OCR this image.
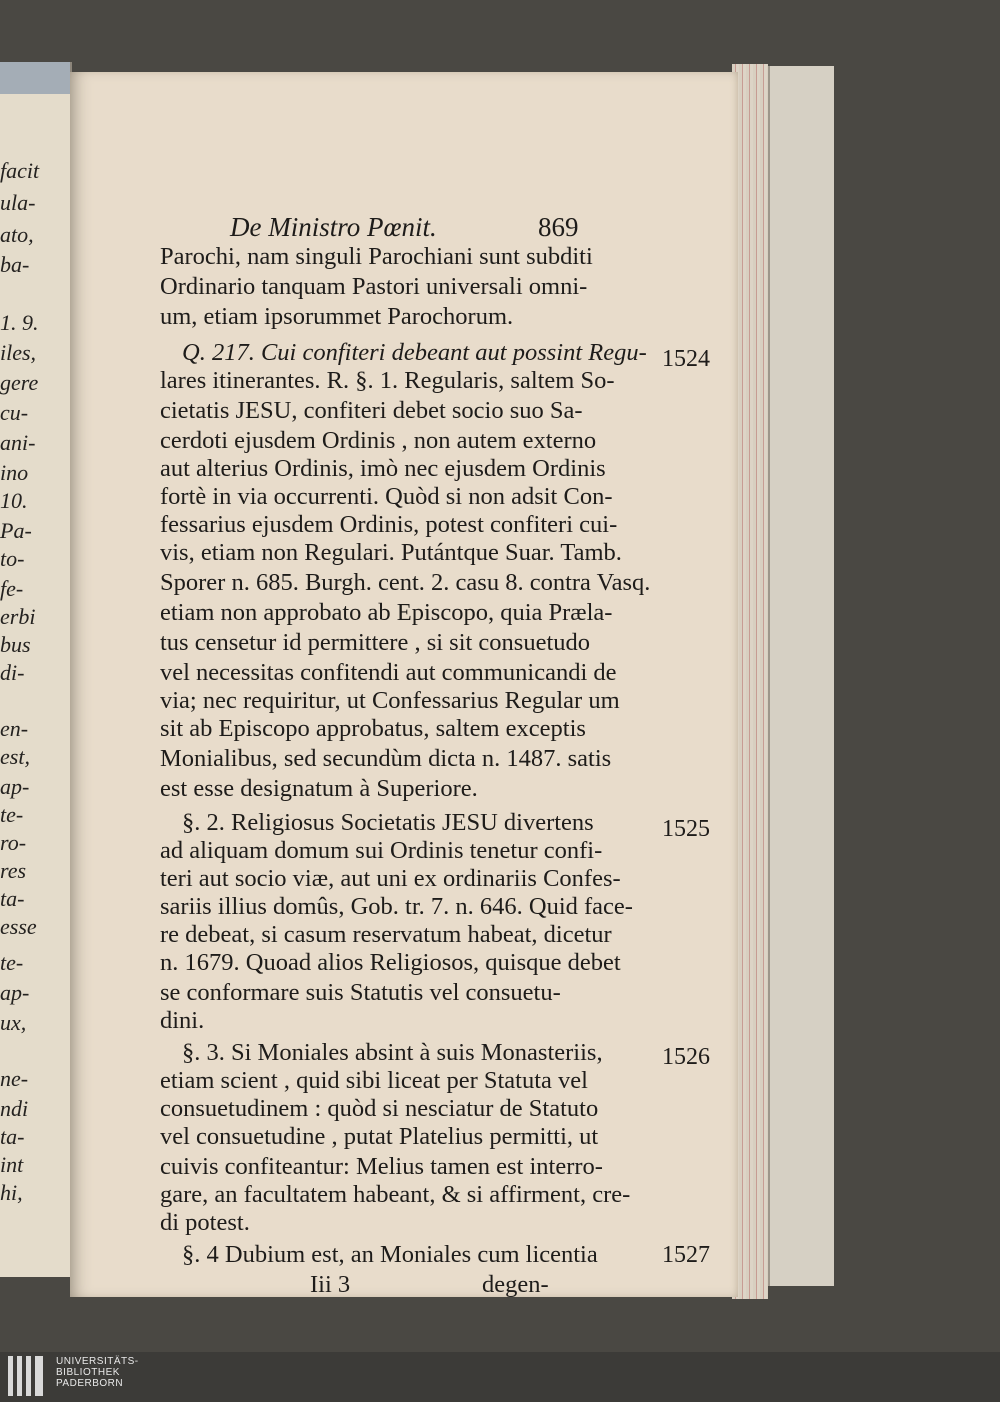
facit
ula-
ato,
ba-
1. 9.
iles,
gere
cu-
ani-
ino
10.
Pa-
to-
fe-
erbi
bus
di-
en-
est,
ap-
te-
ro-
res
ta-
esse
te-
ap-
ux,
ne-
ndi
ta-
int
hi,
De Ministro Pœnit.	869
Parochi, nam singuli Parochiani sunt subditi
Ordinario tanquam Pastori universali omni-
um, etiam ipsorummet Parochorum.
Q. 217. Cui confiteri debeant aut possint Regu-
lares itinerantes. R. §. 1. Regularis, saltem So-
cietatis JESU, confiteri debet socio suo Sa-
cerdoti ejusdem Ordinis , non autem externo
aut alterius Ordinis, imò nec ejusdem Ordinis
fortè in via occurrenti. Quòd si non adsit Con-
fessarius ejusdem Ordinis, potest confiteri cui-
vis, etiam non Regulari. Putántque Suar. Tamb.
Sporer n. 685. Burgh. cent. 2. casu 8. contra Vasq.
etiam non approbato ab Episcopo, quia Præla-
tus censetur id permittere , si sit consuetudo
vel necessitas confitendi aut communicandi de
via; nec requiritur, ut Confessarius Regular um
sit ab Episcopo approbatus, saltem exceptis
Monialibus, sed secundùm dicta n. 1487. satis
est esse designatum à Superiore.
§. 2. Religiosus Societatis JESU divertens
ad aliquam domum sui Ordinis tenetur confi-
teri aut socio viæ, aut uni ex ordinariis Confes-
sariis illius domûs, Gob. tr. 7. n. 646. Quid face-
re debeat, si casum reservatum habeat, dicetur
n. 1679. Quoad alios Religiosos, quisque debet
se conformare suis Statutis vel consuetu-
dini.
§. 3. Si Moniales absint à suis Monasteriis,
etiam scient , quid sibi liceat per Statuta vel
consuetudinem : quòd si nesciatur de Statuto
vel consuetudine , putat Platelius permitti, ut
cuivis confiteantur: Melius tamen est interro-
gare, an facultatem habeant, & si affirment, cre-
di potest.
§. 4 Dubium est, an Moniales cum licentia
1524
1525
1526
1527
Iii 3	degen-
UNIVERSITÄTS-
BIBLIOTHEK
PADERBORN
